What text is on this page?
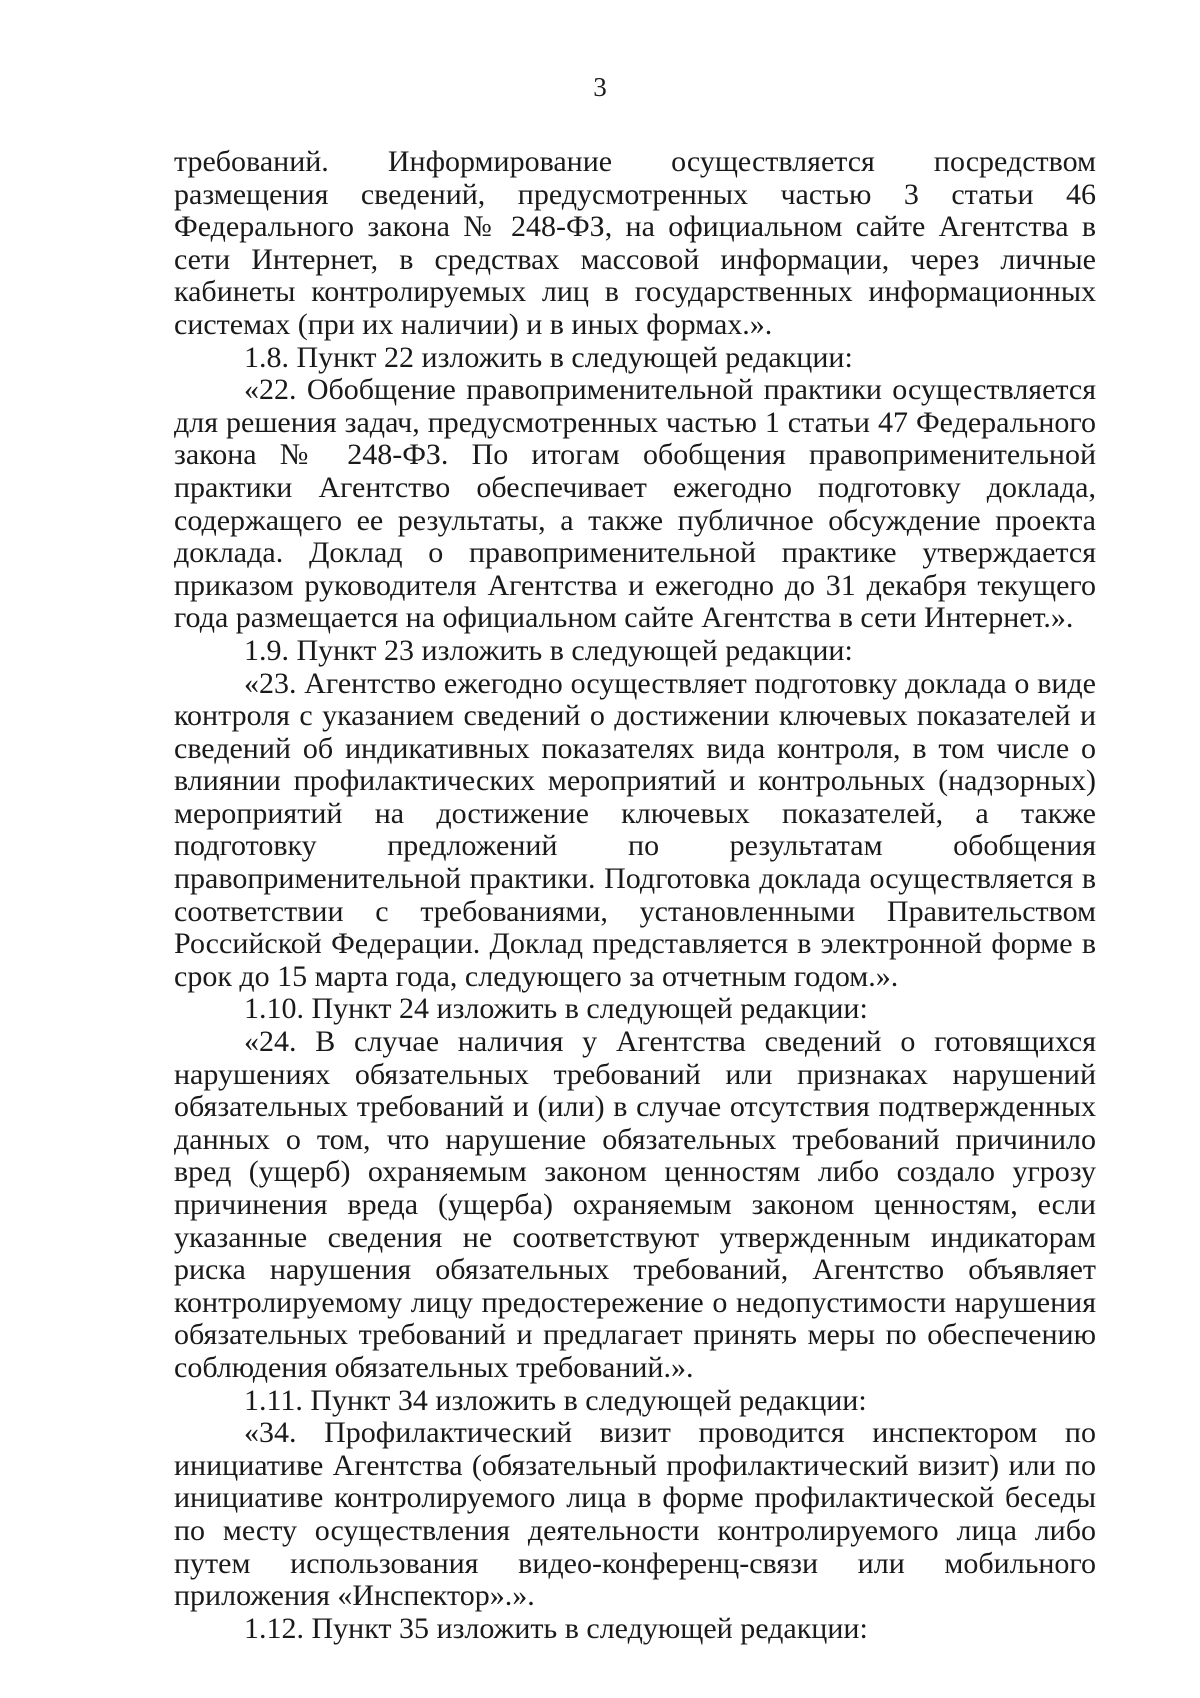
3

требований. Информирование осуществляется посредством размещения сведений, предусмотренных частью 3 статьи 46 Федерального закона № 248-ФЗ, на официальном сайте Агентства в сети Интернет, в средствах массовой информации, через личные кабинеты контролируемых лиц в государственных информационных системах (при их наличии) и в иных формах.».

1.8. Пункт 22 изложить в следующей редакции:

«22. Обобщение правоприменительной практики осуществляется для решения задач, предусмотренных частью 1 статьи 47 Федерального закона № 248-ФЗ. По итогам обобщения правоприменительной практики Агентство обеспечивает ежегодно подготовку доклада, содержащего ее результаты, а также публичное обсуждение проекта доклада. Доклад о правоприменительной практике утверждается приказом руководителя Агентства и ежегодно до 31 декабря текущего года размещается на официальном сайте Агентства в сети Интернет.».

1.9. Пункт 23 изложить в следующей редакции:

«23. Агентство ежегодно осуществляет подготовку доклада о виде контроля с указанием сведений о достижении ключевых показателей и сведений об индикативных показателях вида контроля, в том числе о влиянии профилактических мероприятий и контрольных (надзорных) мероприятий на достижение ключевых показателей, а также подготовку предложений по результатам обобщения правоприменительной практики. Подготовка доклада осуществляется в соответствии с требованиями, установленными Правительством Российской Федерации. Доклад представляется в электронной форме в срок до 15 марта года, следующего за отчетным годом.».

1.10. Пункт 24 изложить в следующей редакции:

«24. В случае наличия у Агентства сведений о готовящихся нарушениях обязательных требований или признаках нарушений обязательных требований и (или) в случае отсутствия подтвержденных данных о том, что нарушение обязательных требований причинило вред (ущерб) охраняемым законом ценностям либо создало угрозу причинения вреда (ущерба) охраняемым законом ценностям, если указанные сведения не соответствуют утвержденным индикаторам риска нарушения обязательных требований, Агентство объявляет контролируемому лицу предостережение о недопустимости нарушения обязательных требований и предлагает принять меры по обеспечению соблюдения обязательных требований.».

1.11. Пункт 34 изложить в следующей редакции:

«34. Профилактический визит проводится инспектором по инициативе Агентства (обязательный профилактический визит) или по инициативе контролируемого лица в форме профилактической беседы по месту осуществления деятельности контролируемого лица либо путем использования видео-конференц-связи или мобильного приложения «Инспектор».».

1.12. Пункт 35 изложить в следующей редакции:
